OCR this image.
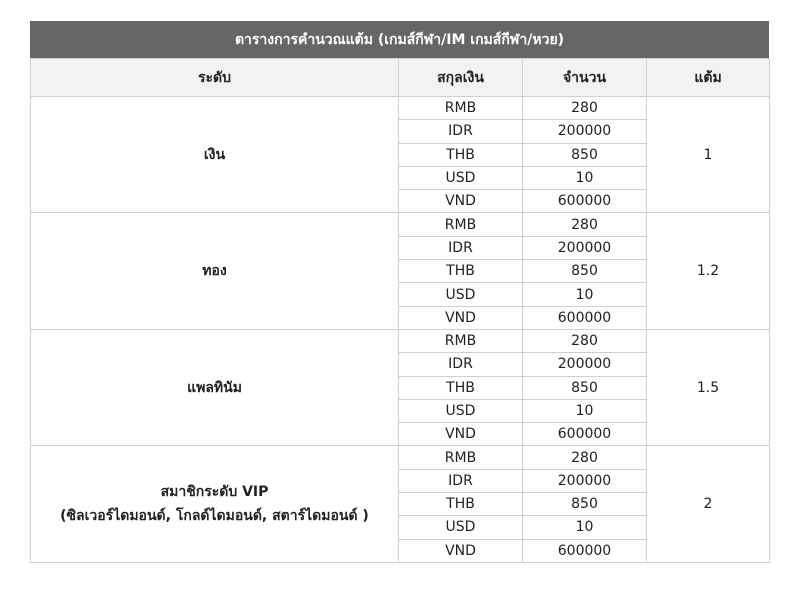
ตารางการคำนวณแต้ม (เกมส์กีฬา/IM เกมส์กีฬา/หวย)
ระดับ	สกุลเงิน	จำนวน	แต้ม

เงิน	RMB	280	1
	IDR	200000	
	THB	850	
	USD	10	
	VND	600000	

ทอง	RMB	280	1.2
	IDR	200000	
	THB	850	
	USD	10	
	VND	600000	

แพลทินัม	RMB	280	1.5
	IDR	200000	
	THB	850	
	USD	10	
	VND	600000	

สมาชิกระดับ VIP
(ซิลเวอร์ไดมอนด์, โกลด์ไดมอนด์, สตาร์ไดมอนด์ )	RMB	280	2
	IDR	200000	
	THB	850	
	USD	10	
	VND	600000	
